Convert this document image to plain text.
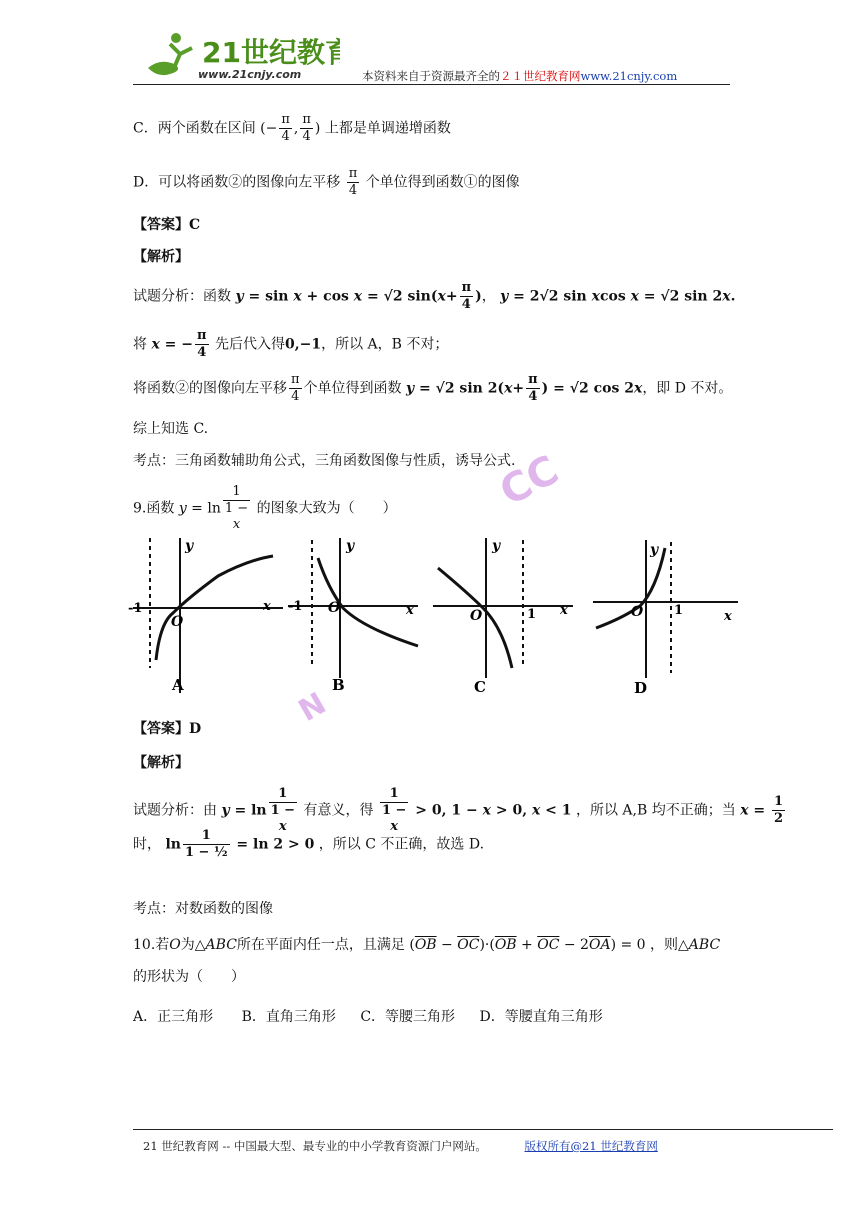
21世纪教育
www.21cnjy.com	本资料来自于资源最齐全的２１世纪教育网www.21cnjy.com
C．两个函数在区间 (− $\frac{\pi}{4}$ , $\frac{\pi}{4}$ ) 上都是单调递增函数
D．可以将函数②的图像向左平移 $\frac{\pi}{4}$ 个单位得到函数①的图像
【答案】C
【解析】
试题分析：函数 y = sin x + cos x = √2 $\sin(x+ \frac{\pi}{4}$ )， y = 2√2 sin xcos x = √2 sin 2x.
将 x = − $\frac{\pi}{4}$ 先后代入得0,−1，所以 A，B 不对；
将函数②的图像向左平移 $\frac{\pi}{4}$ 个单位得到函数 y = √2 $\sin 2(x+ \frac{\pi}{4}$ ) = √2 cos 2x，即 D 不对。
综上知选 C.
考点：三角函数辅助角公式，三角函数图像与性质，诱导公式.
9.函数 y = ln 1
1 −
x 的图象大致为（　　）
-1
O
y
x
A
-1 O
y
x
B
O
y
1 x
C
O
y
1	x
D
【答案】D
【解析】
试题分析：由 y = ln 1
1 −
x 有意义，得 1
1 −
x > 0, 1 − x > 0, x < 1 ，所以 A,B 均不正确；当 $x = \frac{1}{2}$
时， $\ln \frac{1}{\text{1 − ½}} = \ln 2 > 0$ ，所以 C 不正确，故选 D.
考点：对数函数的图像
10.若O为△ABC所在平面内任一点，且满足 $(\overline{OB} - \overline{OC})\cdot(\overline{OB} + \overline{OC} - 2\overline{OA}) = 0$ ，则△ABC
的形状为（　　）
A．正三角形 B．直角三角形 C．等腰三角形 D．等腰直角三角形
CC
N
21 世纪教育网 -- 中国最大型、最专业的中小学教育资源门户网站。	版权所有@21 世纪教育网
